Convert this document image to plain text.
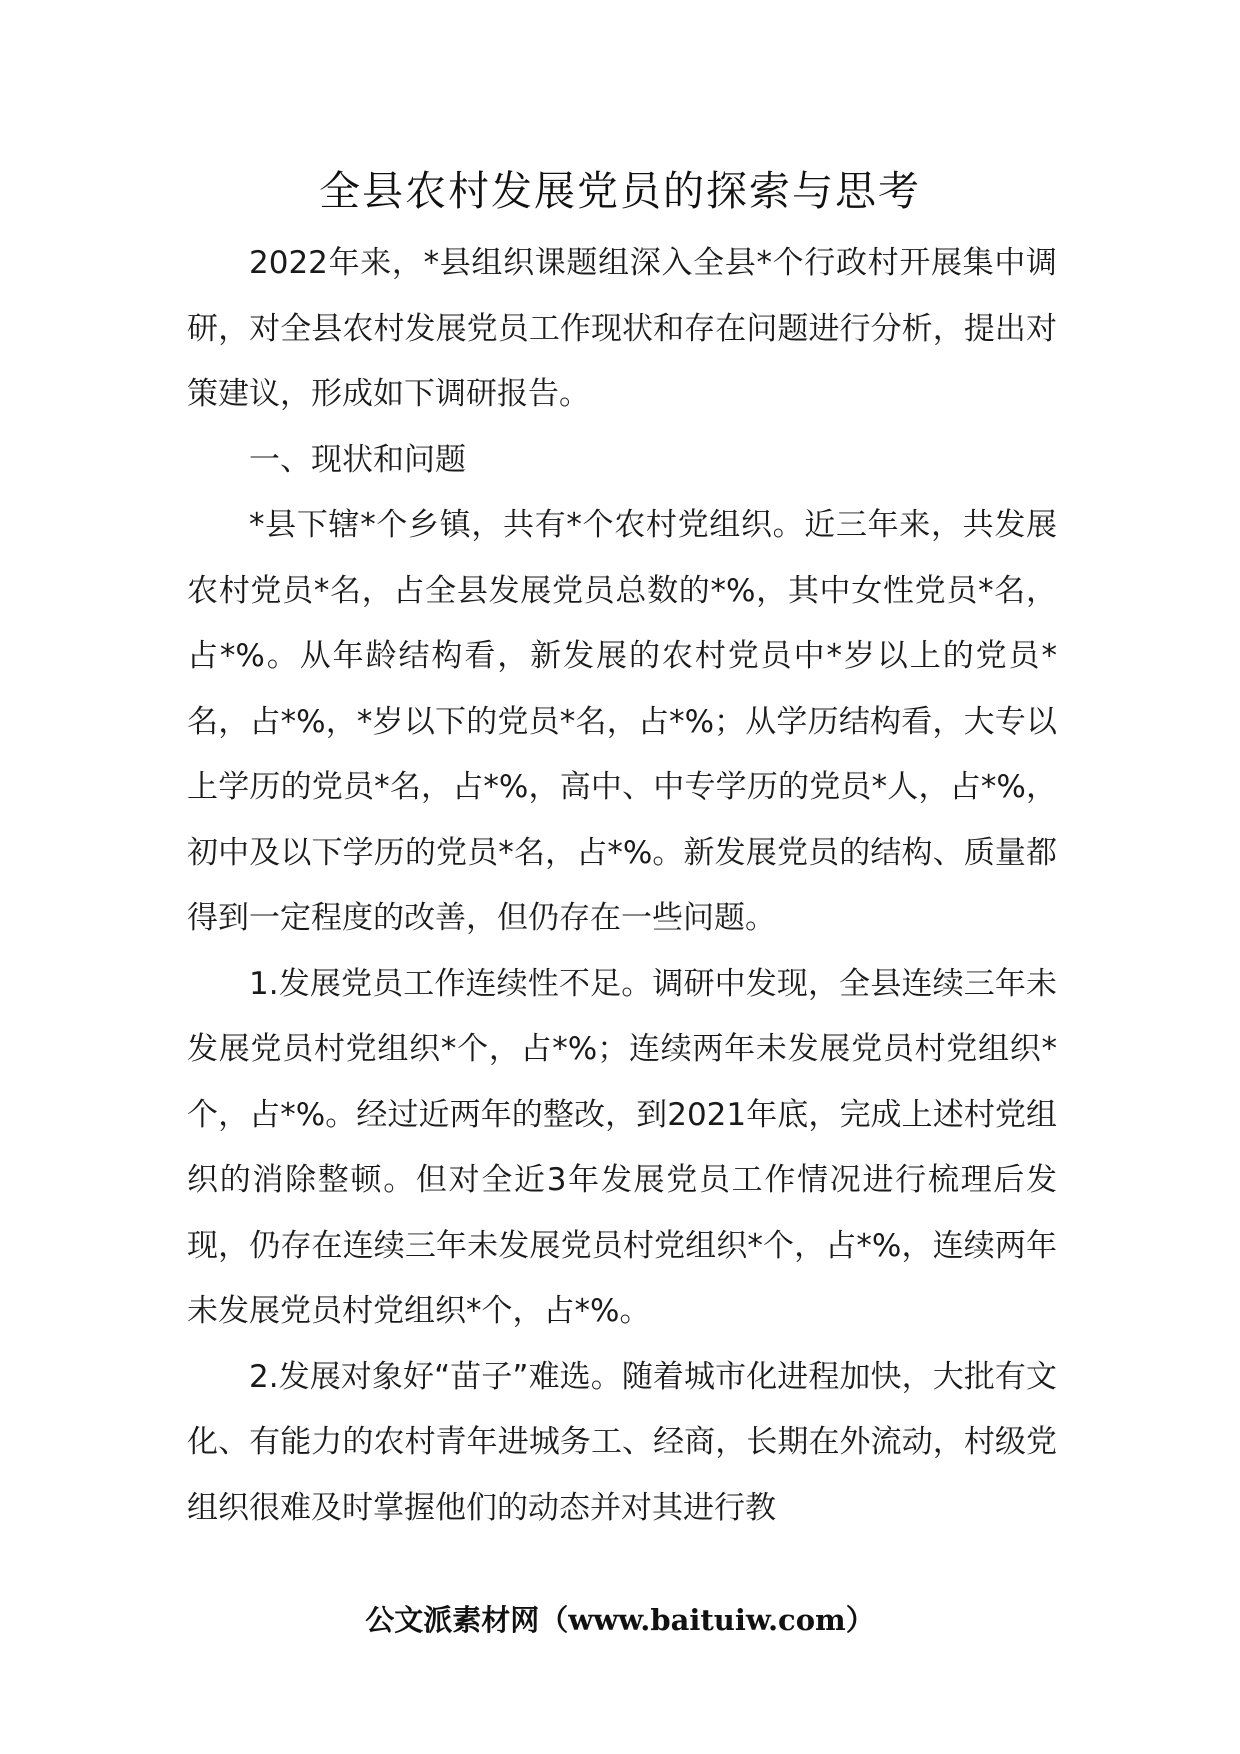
全县农村发展党员的探索与思考

2022年来，*县组织课题组深入全县*个行政村开展集中调研，对全县农村发展党员工作现状和存在问题进行分析，提出对策建议，形成如下调研报告。

一、现状和问题

*县下辖*个乡镇，共有*个农村党组织。近三年来，共发展农村党员*名，占全县发展党员总数的*%，其中女性党员*名，占*%。从年龄结构看，新发展的农村党员中*岁以上的党员*名，占*%，*岁以下的党员*名，占*%；从学历结构看，大专以上学历的党员*名，占*%，高中、中专学历的党员*人，占*%，初中及以下学历的党员*名，占*%。新发展党员的结构、质量都得到一定程度的改善，但仍存在一些问题。

1.发展党员工作连续性不足。调研中发现，全县连续三年未发展党员村党组织*个，占*%；连续两年未发展党员村党组织*个，占*%。经过近两年的整改，到2021年底，完成上述村党组织的消除整顿。但对全近3年发展党员工作情况进行梳理后发现，仍存在连续三年未发展党员村党组织*个，占*%，连续两年未发展党员村党组织*个，占*%。

2.发展对象好“苗子”难选。随着城市化进程加快，大批有文化、有能力的农村青年进城务工、经商，长期在外流动，村级党组织很难及时掌握他们的动态并对其进行教

公文派素材网（www.baituiw.com）
